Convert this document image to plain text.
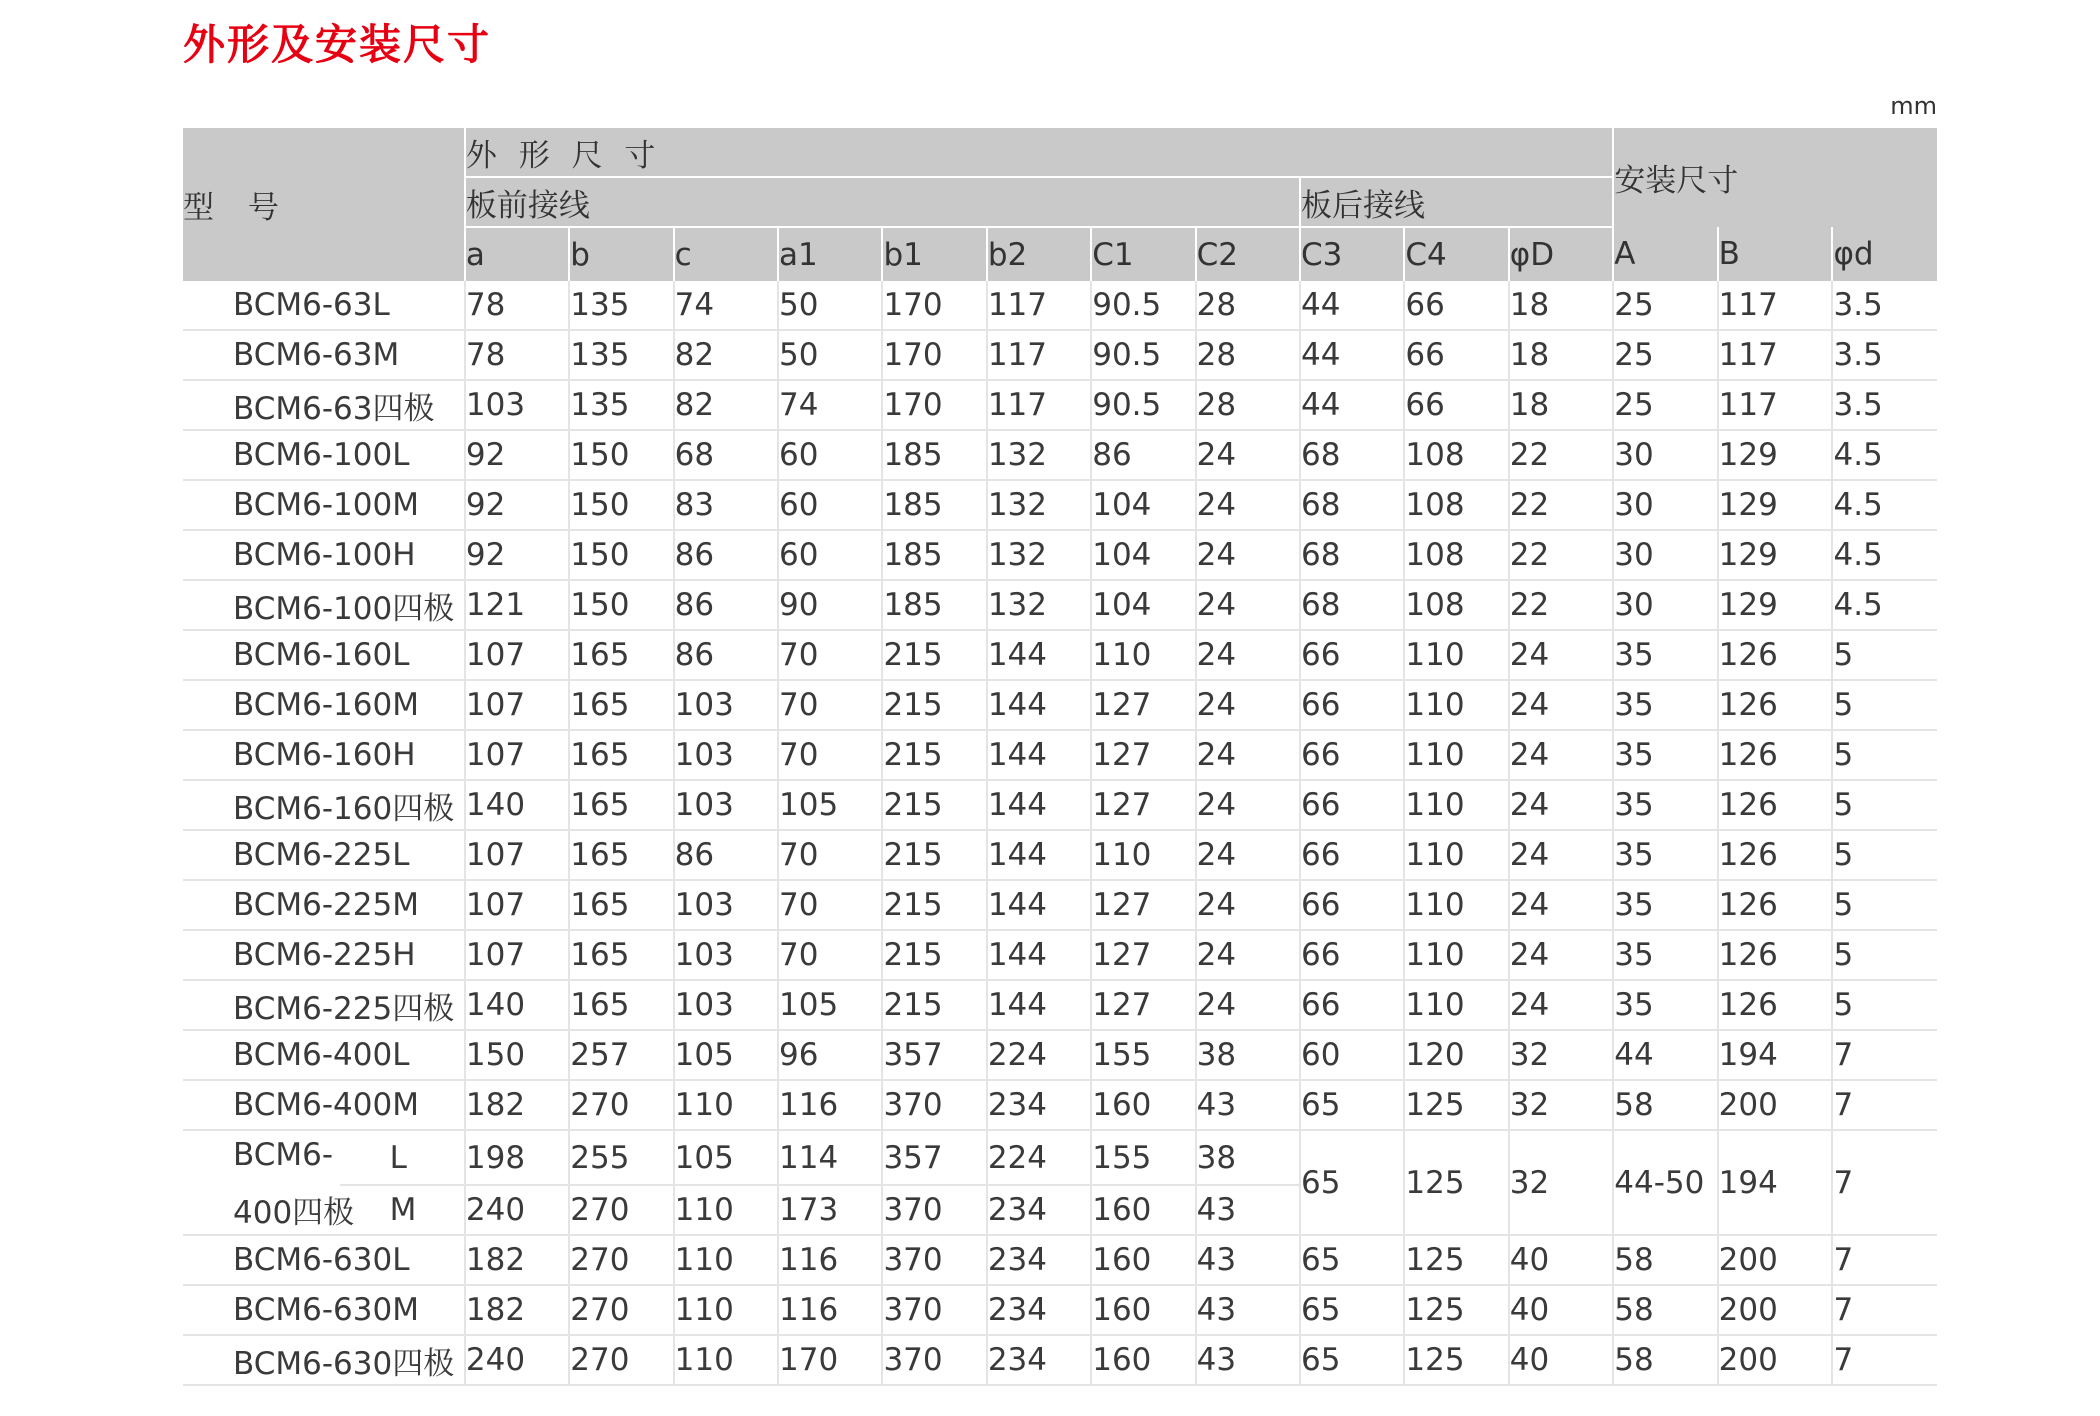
外形及安装尺寸
mm
型 号		外 形 尺 寸											安装尺寸		
		板前接线								板后接线					
		a	b	c	a1	b1	b2	C1	C2	C3	C4	φD	A	B	φd
BCM6-63L		78	135	74	50	170	117	90.5	28	44	66	18	25	117	3.5
BCM6-63M		78	135	82	50	170	117	90.5	28	44	66	18	25	117	3.5
BCM6-63四极		103	135	82	74	170	117	90.5	28	44	66	18	25	117	3.5
BCM6-100L		92	150	68	60	185	132	86	24	68	108	22	30	129	4.5
BCM6-100M		92	150	83	60	185	132	104	24	68	108	22	30	129	4.5
BCM6-100H		92	150	86	60	185	132	104	24	68	108	22	30	129	4.5
BCM6-100四极		121	150	86	90	185	132	104	24	68	108	22	30	129	4.5
BCM6-160L		107	165	86	70	215	144	110	24	66	110	24	35	126	5
BCM6-160M		107	165	103	70	215	144	127	24	66	110	24	35	126	5
BCM6-160H		107	165	103	70	215	144	127	24	66	110	24	35	126	5
BCM6-160四极		140	165	103	105	215	144	127	24	66	110	24	35	126	5
BCM6-225L		107	165	86	70	215	144	110	24	66	110	24	35	126	5
BCM6-225M		107	165	103	70	215	144	127	24	66	110	24	35	126	5
BCM6-225H		107	165	103	70	215	144	127	24	66	110	24	35	126	5
BCM6-225四极		140	165	103	105	215	144	127	24	66	110	24	35	126	5
BCM6-400L		150	257	105	96	357	224	155	38	60	120	32	44	194	7
BCM6-400M		182	270	110	116	370	234	160	43	65	125	32	58	200	7
BCM6-	L	198	255	105	114	357	224	155	38	65	125	32	44-50	194	7
400四极	M	240	270	110	173	370	234	160	43						
BCM6-630L		182	270	110	116	370	234	160	43	65	125	40	58	200	7
BCM6-630M		182	270	110	116	370	234	160	43	65	125	40	58	200	7
BCM6-630四极		240	270	110	170	370	234	160	43	65	125	40	58	200	7
